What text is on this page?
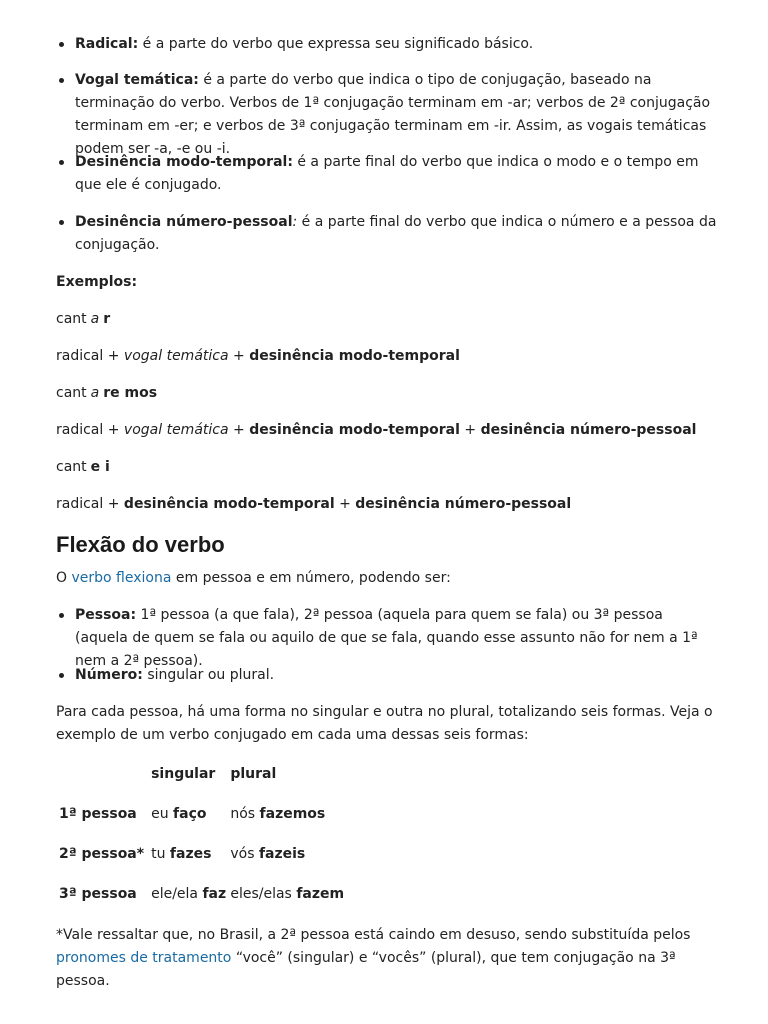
Radical: é a parte do verbo que expressa seu significado básico.
Vogal temática: é a parte do verbo que indica o tipo de conjugação, baseado na terminação do verbo. Verbos de 1ª conjugação terminam em -ar; verbos de 2ª conjugação terminam em -er; e verbos de 3ª conjugação terminam em -ir. Assim, as vogais temáticas podem ser -a, -e ou -i.
Desinência modo-temporal: é a parte final do verbo que indica o modo e o tempo em que ele é conjugado.
Desinência número-pessoal: é a parte final do verbo que indica o número e a pessoa da conjugação.

Exemplos:

cant a r

radical + vogal temática + desinência modo-temporal

cant a re mos

radical + vogal temática + desinência modo-temporal + desinência número-pessoal

cant e i

radical + desinência modo-temporal + desinência número-pessoal

Flexão do verbo

O verbo flexiona em pessoa e em número, podendo ser:

Pessoa: 1ª pessoa (a que fala), 2ª pessoa (aquela para quem se fala) ou 3ª pessoa (aquela de quem se fala ou aquilo de que se fala, quando esse assunto não for nem a 1ª nem a 2ª pessoa).
Número: singular ou plural.

Para cada pessoa, há uma forma no singular e outra no plural, totalizando seis formas. Veja o exemplo de um verbo conjugado em cada uma dessas seis formas:

	singular	plural
1ª pessoa	eu faço	nós fazemos
2ª pessoa*	tu fazes	vós fazeis
3ª pessoa	ele/ela faz	eles/elas fazem

*Vale ressaltar que, no Brasil, a 2ª pessoa está caindo em desuso, sendo substituída pelos pronomes de tratamento “você” (singular) e “vocês” (plural), que tem conjugação na 3ª pessoa.
